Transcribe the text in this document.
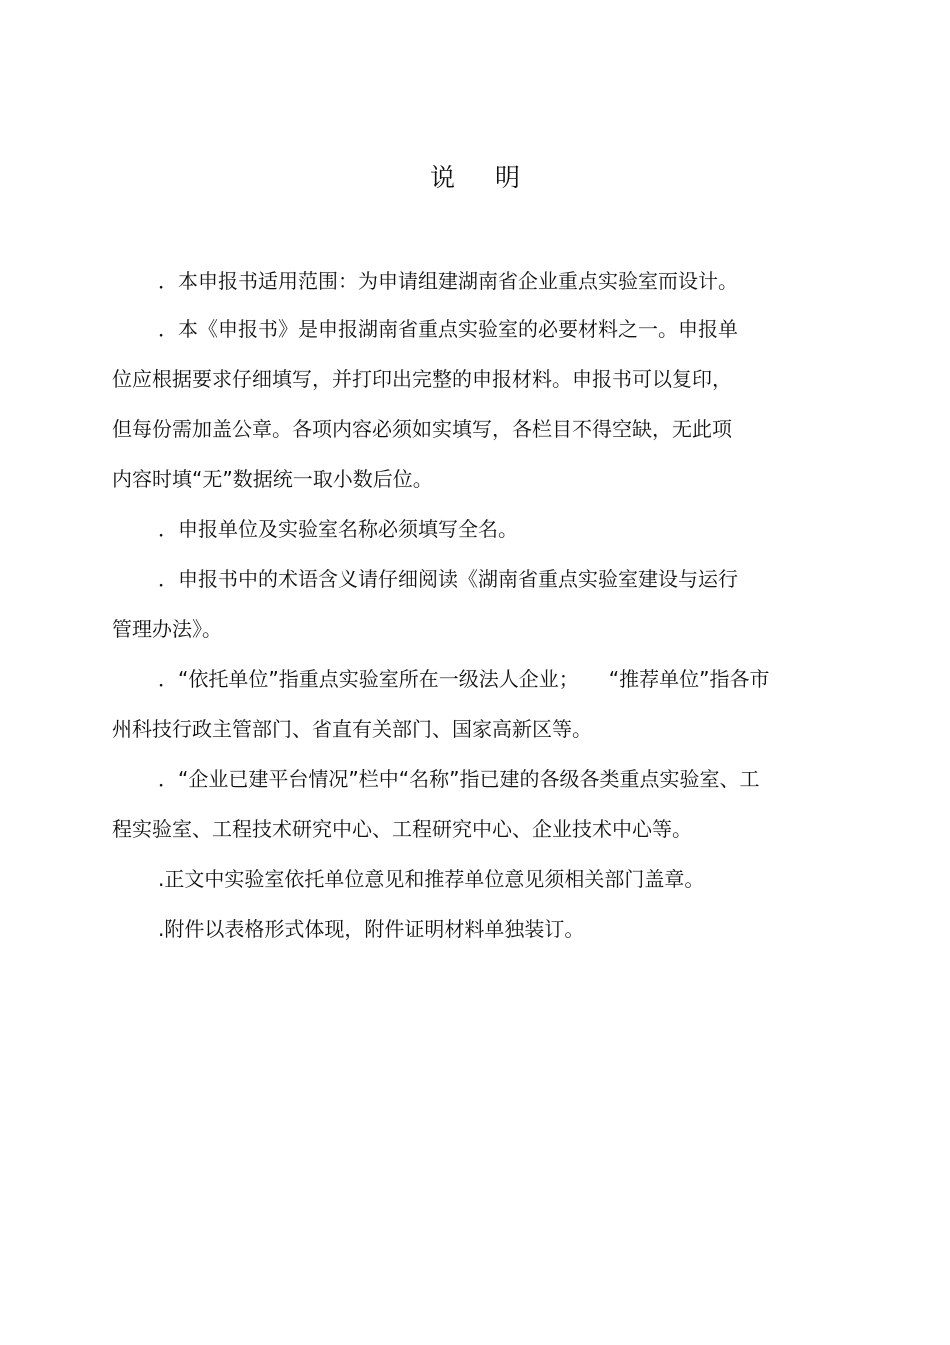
说明
．本申报书适用范围：为申请组建湖南省企业重点实验室而设计。
．本《申报书》是申报湖南省重点实验室的必要材料之一。申报单
位应根据要求仔细填写，并打印出完整的申报材料。申报书可以复印，
但每份需加盖公章。各项内容必须如实填写，各栏目不得空缺，无此项
内容时填“无”数据统一取小数后位。
．申报单位及实验室名称必须填写全名。
．申报书中的术语含义请仔细阅读《湖南省重点实验室建设与运行
管理办法》。
．“依托单位”指重点实验室所在一级法人企业；　　“推荐单位”指各市
州科技行政主管部门、省直有关部门、国家高新区等。
．“企业已建平台情况”栏中“名称”指已建的各级各类重点实验室、工
程实验室、工程技术研究中心、工程研究中心、企业技术中心等。
.正文中实验室依托单位意见和推荐单位意见须相关部门盖章。
.附件以表格形式体现，附件证明材料单独装订。
